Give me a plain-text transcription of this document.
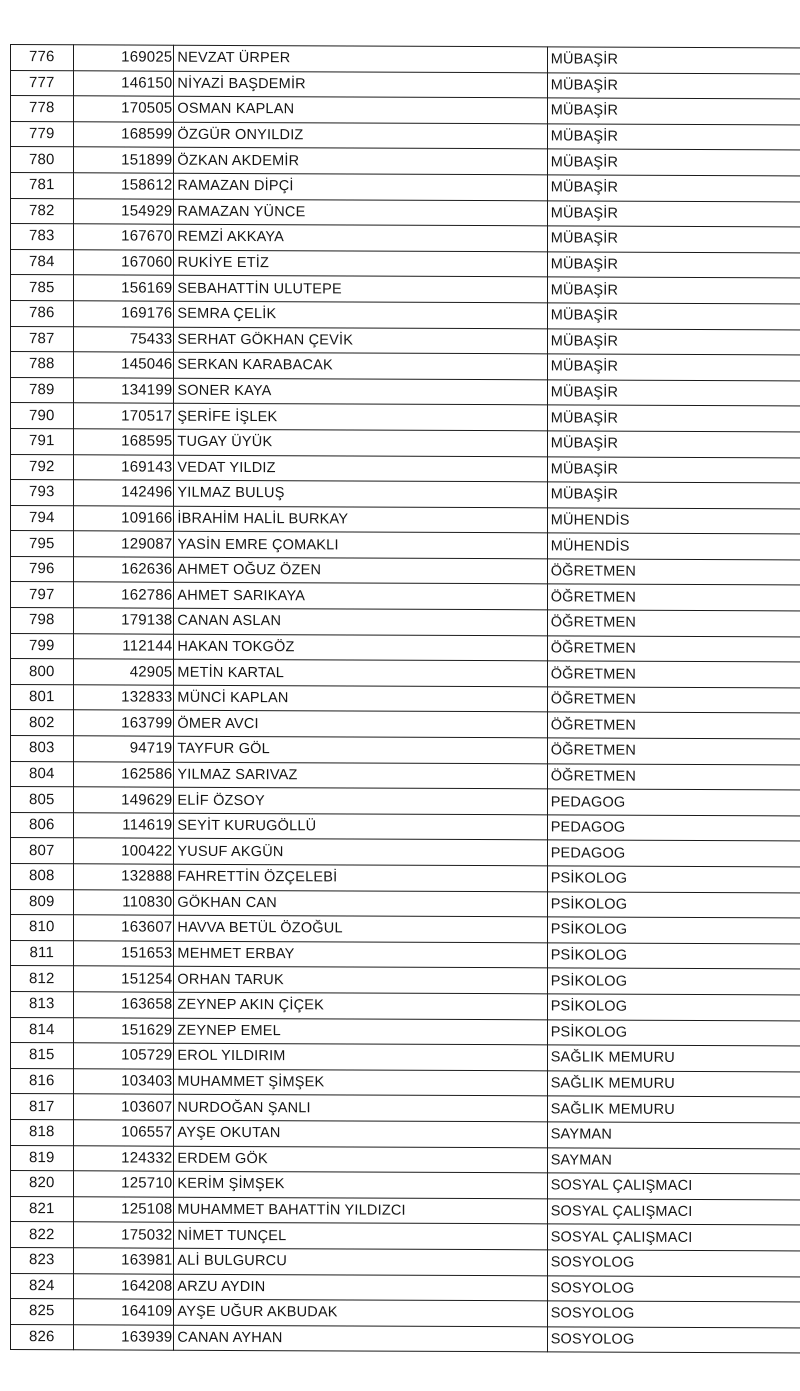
776	169025	NEVZAT ÜRPER	MÜBAŞİR
777	146150	NİYAZİ BAŞDEMİR	MÜBAŞİR
778	170505	OSMAN KAPLAN	MÜBAŞİR
779	168599	ÖZGÜR ONYILDIZ	MÜBAŞİR
780	151899	ÖZKAN AKDEMİR	MÜBAŞİR
781	158612	RAMAZAN DİPÇİ	MÜBAŞİR
782	154929	RAMAZAN YÜNCE	MÜBAŞİR
783	167670	REMZİ AKKAYA	MÜBAŞİR
784	167060	RUKİYE ETİZ	MÜBAŞİR
785	156169	SEBAHATTİN ULUTEPE	MÜBAŞİR
786	169176	SEMRA ÇELİK	MÜBAŞİR
787	75433	SERHAT GÖKHAN ÇEVİK	MÜBAŞİR
788	145046	SERKAN KARABACAK	MÜBAŞİR
789	134199	SONER KAYA	MÜBAŞİR
790	170517	ŞERİFE İŞLEK	MÜBAŞİR
791	168595	TUGAY ÜYÜK	MÜBAŞİR
792	169143	VEDAT YILDIZ	MÜBAŞİR
793	142496	YILMAZ BULUŞ	MÜBAŞİR
794	109166	İBRAHİM HALİL BURKAY	MÜHENDİS
795	129087	YASİN EMRE ÇOMAKLI	MÜHENDİS
796	162636	AHMET OĞUZ ÖZEN	ÖĞRETMEN
797	162786	AHMET SARIKAYA	ÖĞRETMEN
798	179138	CANAN ASLAN	ÖĞRETMEN
799	112144	HAKAN TOKGÖZ	ÖĞRETMEN
800	42905	METİN KARTAL	ÖĞRETMEN
801	132833	MÜNCİ KAPLAN	ÖĞRETMEN
802	163799	ÖMER AVCI	ÖĞRETMEN
803	94719	TAYFUR GÖL	ÖĞRETMEN
804	162586	YILMAZ SARIVAZ	ÖĞRETMEN
805	149629	ELİF ÖZSOY	PEDAGOG
806	114619	SEYİT KURUGÖLLÜ	PEDAGOG
807	100422	YUSUF AKGÜN	PEDAGOG
808	132888	FAHRETTİN ÖZÇELEBİ	PSİKOLOG
809	110830	GÖKHAN CAN	PSİKOLOG
810	163607	HAVVA BETÜL ÖZOĞUL	PSİKOLOG
811	151653	MEHMET ERBAY	PSİKOLOG
812	151254	ORHAN TARUK	PSİKOLOG
813	163658	ZEYNEP AKIN ÇİÇEK	PSİKOLOG
814	151629	ZEYNEP EMEL	PSİKOLOG
815	105729	EROL YILDIRIM	SAĞLIK MEMURU
816	103403	MUHAMMET ŞİMŞEK	SAĞLIK MEMURU
817	103607	NURDOĞAN ŞANLI	SAĞLIK MEMURU
818	106557	AYŞE OKUTAN	SAYMAN
819	124332	ERDEM GÖK	SAYMAN
820	125710	KERİM ŞİMŞEK	SOSYAL ÇALIŞMACI
821	125108	MUHAMMET BAHATTİN YILDIZCI	SOSYAL ÇALIŞMACI
822	175032	NİMET TUNÇEL	SOSYAL ÇALIŞMACI
823	163981	ALİ BULGURCU	SOSYOLOG
824	164208	ARZU AYDIN	SOSYOLOG
825	164109	AYŞE UĞUR AKBUDAK	SOSYOLOG
826	163939	CANAN AYHAN	SOSYOLOG
